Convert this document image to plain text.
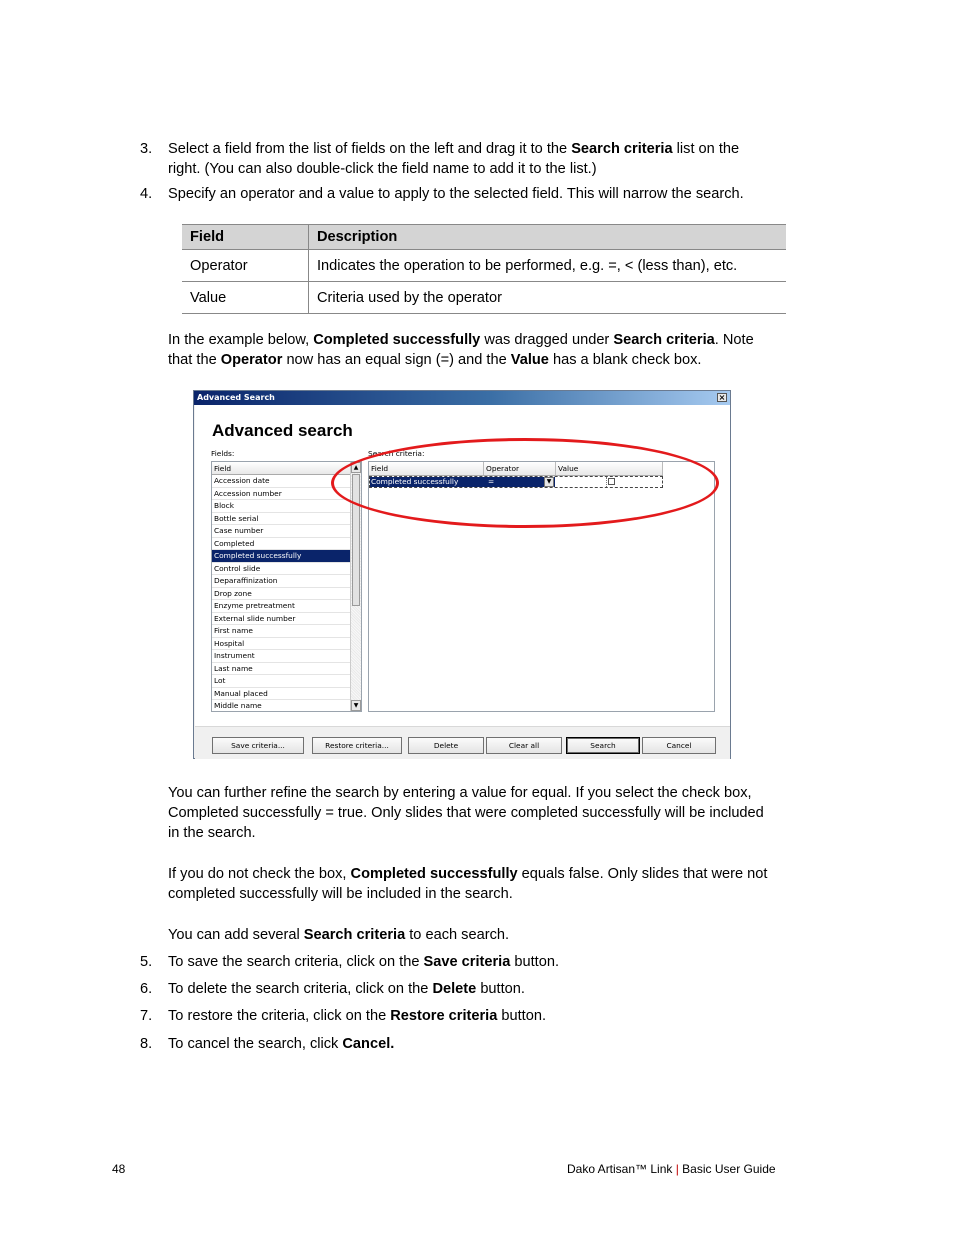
3.	Select a field from the list of fields on the left and drag it to the Search criteria list on the
right. (You can also double-click the field name to add it to the list.)
4.	Specify an operator and a value to apply to the selected field. This will narrow the search.
Field	Description
Operator	Indicates the operation to be performed, e.g. =, < (less than), etc.
Value	Criteria used by the operator
In the example below, Completed successfully was dragged under Search criteria. Note
that the Operator now has an equal sign (=) and the Value has a blank check box.
Advanced Search	×
Advanced search
Fields:	Search criteria:
Field
Accession date
Accession number
Block
Bottle serial
Case number
Completed
Completed successfully
Control slide
Deparaffinization
Drop zone
Enzyme pretreatment
External slide number
First name
Hospital
Instrument
Last name
Lot
Manual placed
Middle name
▲
▼
Field	Operator	Value
Completed successfully	=	▼
Save criteria...	Restore criteria...	Delete	Clear all	Search	Cancel
You can further refine the search by entering a value for equal. If you select the check box,
Completed successfully = true. Only slides that were completed successfully will be included
in the search.
If you do not check the box, Completed successfully equals false. Only slides that were not
completed successfully will be included in the search.
You can add several Search criteria to each search.
5.	To save the search criteria, click on the Save criteria button.
6.	To delete the search criteria, click on the Delete button.
7.	To restore the criteria, click on the Restore criteria button.
8.	To cancel the search, click Cancel.
48	Dako Artisan™ Link | Basic User Guide
